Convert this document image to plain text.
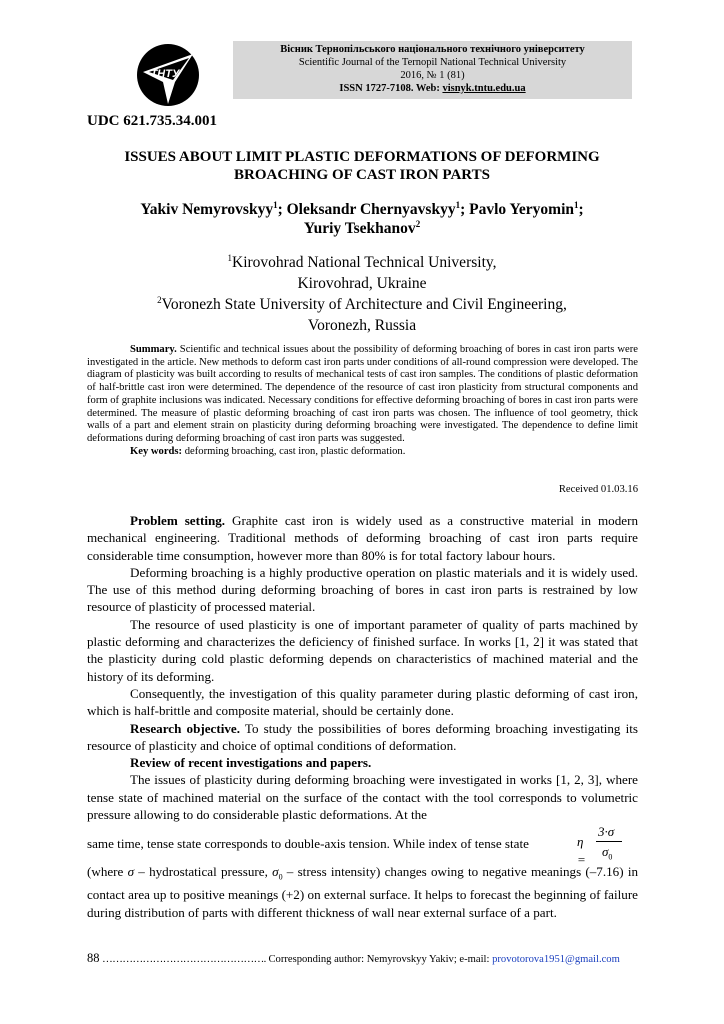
ТНТУ
Вісник Тернопільського національного технічного університету
Scientific Journal of the Ternopil National Technical University
2016, № 1 (81)
ISSN 1727-7108. Web: visnyk.tntu.edu.ua
UDC 621.735.34.001
ISSUES ABOUT LIMIT PLASTIC DEFORMATIONS OF DEFORMING
BROACHING OF CAST IRON PARTS
Yakiv Nemyrovskyy$^1$; Oleksandr Chernyavskyy$^1$; Pavlo Yeryomin$^1$;
Yuriy Tsekhanov$^2$
$^1$Kirovohrad National Technical University,
Kirovohrad, Ukraine
$^2$Voronezh State University of Architecture and Civil Engineering,
Voronezh, Russia

Summary. Scientific and technical issues about the possibility of deforming broaching of bores in cast iron parts were investigated in the article. New methods to deform cast iron parts under conditions of all-round compression were developed. The diagram of plasticity was built according to results of mechanical tests of cast iron samples. The conditions of plastic deformation of half-brittle cast iron were determined. The dependence of the resource of cast iron plasticity from structural components and form of graphite inclusions was indicated. Necessary conditions for effective deforming broaching of bores in cast iron parts were determined. The measure of plastic deforming broaching of cast iron parts was chosen. The influence of tool geometry, thick walls of a part and element strain on plasticity during deforming broaching were investigated. The dependence to define limit deformations during deforming broaching of cast iron parts was suggested.

Key words: deforming broaching, cast iron, plastic deformation.

Received 01.03.16

Problem setting. Graphite cast iron is widely used as a constructive material in modern mechanical engineering. Traditional methods of deforming broaching of cast iron parts require considerable time consumption, however more than 80% is for total factory labour hours.

Deforming broaching is a highly productive operation on plastic materials and it is widely used. The use of this method during deforming broaching of bores in cast iron parts is restrained by low resource of plasticity of processed material.

The resource of used plasticity is one of important parameter of quality of parts machined by plastic deforming and characterizes the deficiency of finished surface. In works [1, 2] it was stated that the plasticity during cold plastic deforming depends on characteristics of machined material and the history of its deforming.

Consequently, the investigation of this quality parameter during plastic deforming of cast iron, which is half-brittle and composite material, should be certainly done.

Research objective. To study the possibilities of bores deforming broaching investigating its resource of plasticity and choice of optimal conditions of deformation.

Review of recent investigations and papers.

The issues of plasticity during deforming broaching were investigated in works [1, 2, 3], where tense state of machined material on the surface of the contact with the tool corresponds to volumetric pressure allowing to do considerable plastic deformations. At the

same time, tense state corresponds to double-axis tension. While index of tense state	η =
3·σ
$\sigma_0$

(where σ – hydrostatical pressure, $\sigma_0$ – stress intensity) changes owing to negative meanings (–7.16) in contact area up to positive meanings (+2) on external surface. It helps to forecast the beginning of failure during distribution of parts with different thickness of wall near external surface of a part.

88 …………………………………………. Corresponding author: Nemyrovskyy Yakiv; e-mail: provotorova1951@gmail.com
